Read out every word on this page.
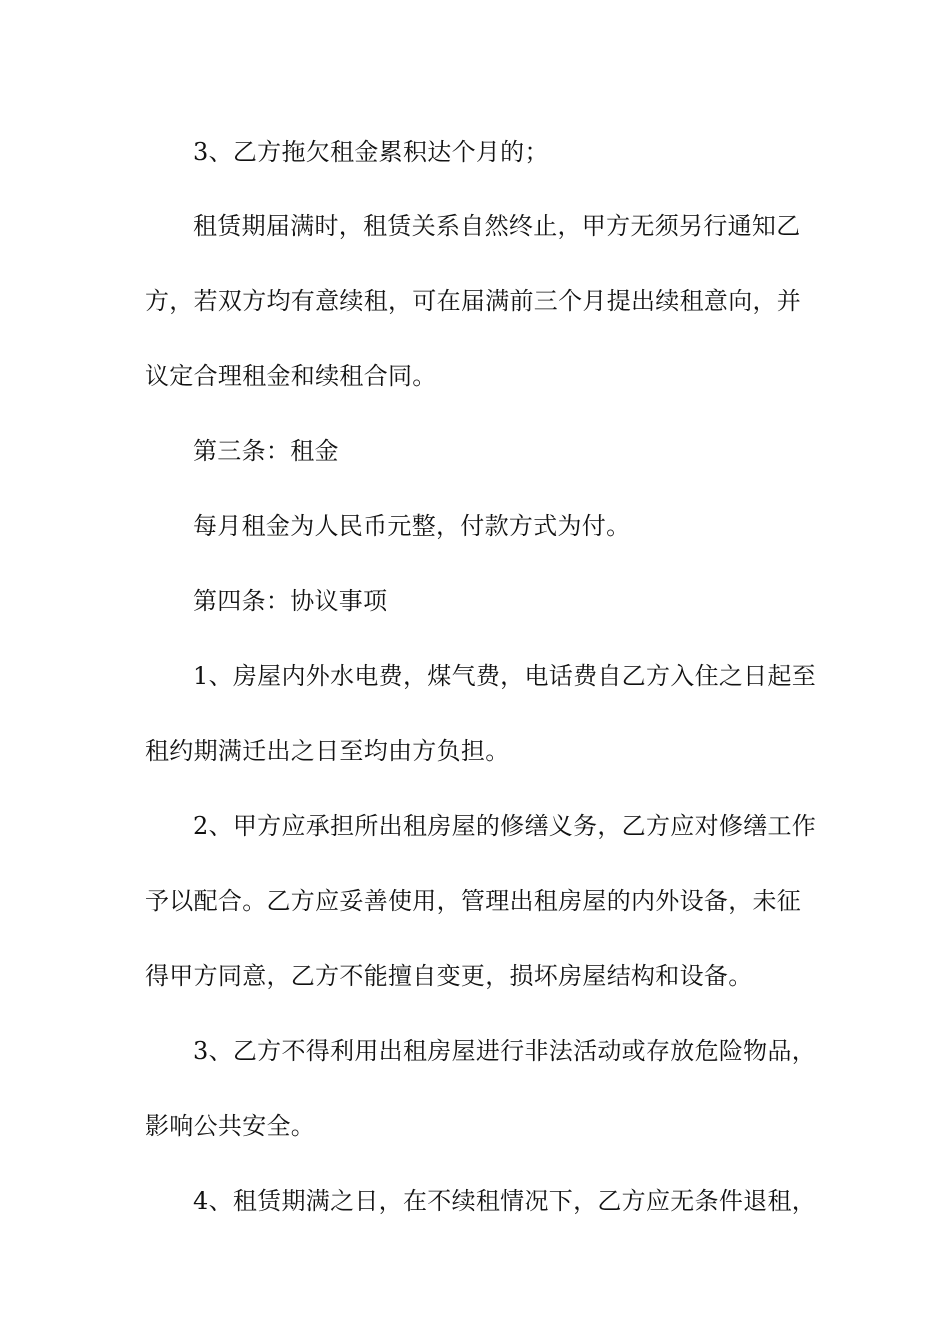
3、乙方拖欠租金累积达个月的；
租赁期届满时，租赁关系自然终止，甲方无须另行通知乙
方，若双方均有意续租，可在届满前三个月提出续租意向，并
议定合理租金和续租合同。
第三条：租金
每月租金为人民币元整，付款方式为付。
第四条：协议事项
1、房屋内外水电费，煤气费，电话费自乙方入住之日起至
租约期满迁出之日至均由方负担。
2、甲方应承担所出租房屋的修缮义务，乙方应对修缮工作
予以配合。乙方应妥善使用，管理出租房屋的内外设备，未征
得甲方同意，乙方不能擅自变更，损坏房屋结构和设备。
3、乙方不得利用出租房屋进行非法活动或存放危险物品，
影响公共安全。
4、租赁期满之日，在不续租情况下，乙方应无条件退租，
